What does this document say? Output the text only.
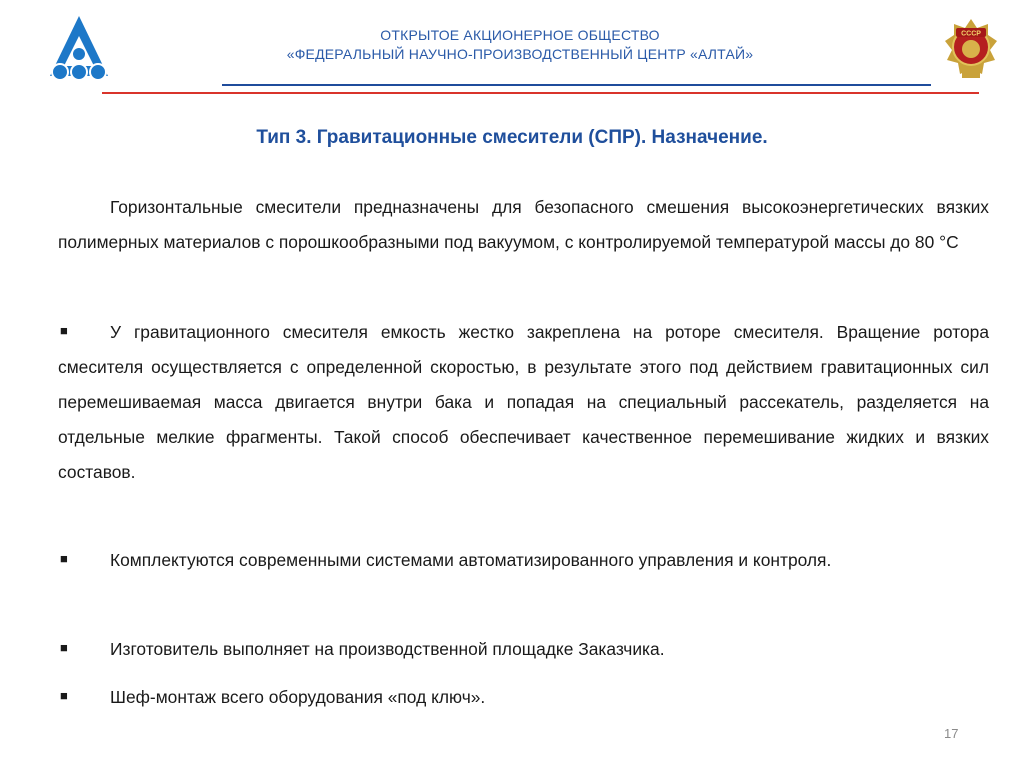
ОТКРЫТОЕ АКЦИОНЕРНОЕ ОБЩЕСТВО
«ФЕДЕРАЛЬНЫЙ НАУЧНО-ПРОИЗВОДСТВЕННЫЙ ЦЕНТР «АЛТАЙ»
СССР
Тип 3. Гравитационные смесители (СПР). Назначение.
Горизонтальные смесители предназначены для безопасного смешения высокоэнергетических вязких полимерных материалов с порошкообразными под вакуумом, с контролируемой температурой массы до 80 °С
■	У гравитационного смесителя емкость жестко закреплена на роторе смесителя. Вращение ротора смесителя осуществляется с определенной скоростью, в результате этого под действием гравитационных сил перемешиваемая масса двигается внутри бака и попадая на специальный рассекатель, разделяется на отдельные мелкие фрагменты. Такой способ обеспечивает качественное перемешивание жидких и вязких составов.
■	Комплектуются современными системами автоматизированного управления и контроля.
■	Изготовитель выполняет на производственной площадке Заказчика.
■	Шеф-монтаж всего оборудования «под ключ».
17
